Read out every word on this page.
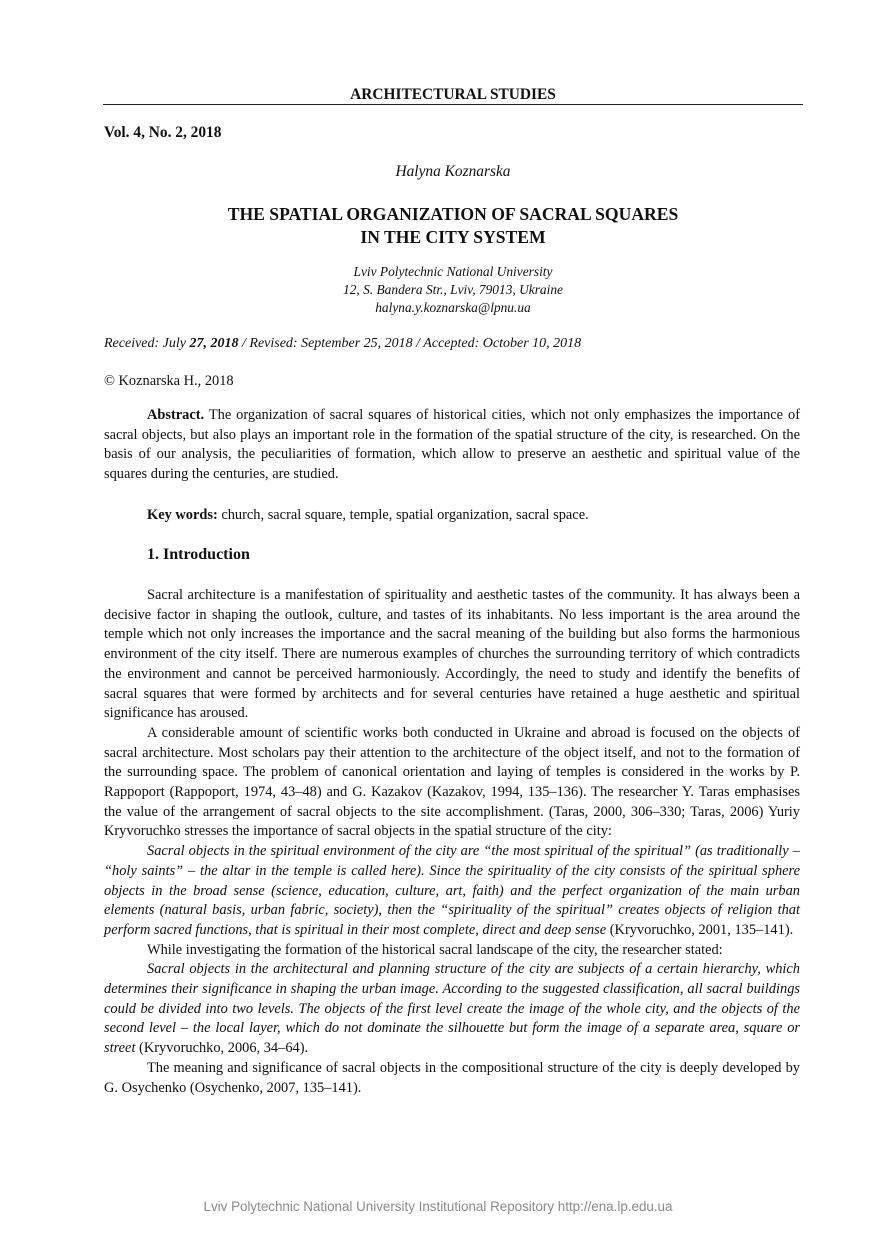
ARCHITECTURAL STUDIES
Vol. 4, No. 2, 2018
Halyna Koznarska
THE SPATIAL ORGANIZATION OF SACRAL SQUARES
IN THE CITY SYSTEM
Lviv Polytechnic National University
12, S. Bandera Str., Lviv, 79013, Ukraine
halyna.y.koznarska@lpnu.ua
Received: July 27, 2018 / Revised: September 25, 2018 / Accepted: October 10, 2018
© Koznarska H., 2018

Abstract. The organization of sacral squares of historical cities, which not only emphasizes the importance of sacral objects, but also plays an important role in the formation of the spatial structure of the city, is researched. On the basis of our analysis, the peculiarities of formation, which allow to preserve an aesthetic and spiritual value of the squares during the centuries, are studied.

Key words: church, sacral square, temple, spatial organization, sacral space.

1. Introduction

Sacral architecture is a manifestation of spirituality and aesthetic tastes of the community. It has always been a decisive factor in shaping the outlook, culture, and tastes of its inhabitants. No less important is the area around the temple which not only increases the importance and the sacral meaning of the building but also forms the harmonious environment of the city itself. There are numerous examples of churches the surrounding territory of which contradicts the environment and cannot be perceived harmoniously. Accordingly, the need to study and identify the benefits of sacral squares that were formed by architects and for several centuries have retained a huge aesthetic and spiritual significance has aroused.

A considerable amount of scientific works both conducted in Ukraine and abroad is focused on the objects of sacral architecture. Most scholars pay their attention to the architecture of the object itself, and not to the formation of the surrounding space. The problem of canonical orientation and laying of temples is considered in the works by P. Rappoport (Rappoport, 1974, 43–48) and G. Kazakov (Kazakov, 1994, 135–136). The researcher Y. Taras emphasises the value of the arrangement of sacral objects to the site accomplishment. (Taras, 2000, 306–330; Taras, 2006) Yuriy Kryvoruchko stresses the importance of sacral objects in the spatial structure of the city:

Sacral objects in the spiritual environment of the city are “the most spiritual of the spiritual” (as traditionally – “holy saints” – the altar in the temple is called here). Since the spirituality of the city consists of the spiritual sphere objects in the broad sense (science, education, culture, art, faith) and the perfect organization of the main urban elements (natural basis, urban fabric, society), then the “spirituality of the spiritual” creates objects of religion that perform sacred functions, that is spiritual in their most complete, direct and deep sense (Kryvoruchko, 2001, 135–141).

While investigating the formation of the historical sacral landscape of the city, the researcher stated:

Sacral objects in the architectural and planning structure of the city are subjects of a certain hierarchy, which determines their significance in shaping the urban image. According to the suggested classification, all sacral buildings could be divided into two levels. The objects of the first level create the image of the whole city, and the objects of the second level – the local layer, which do not dominate the silhouette but form the image of a separate area, square or street (Kryvoruchko, 2006, 34–64).

The meaning and significance of sacral objects in the compositional structure of the city is deeply developed by G. Osychenko (Osychenko, 2007, 135–141).

Lviv Polytechnic National University Institutional Repository http://ena.lp.edu.ua
